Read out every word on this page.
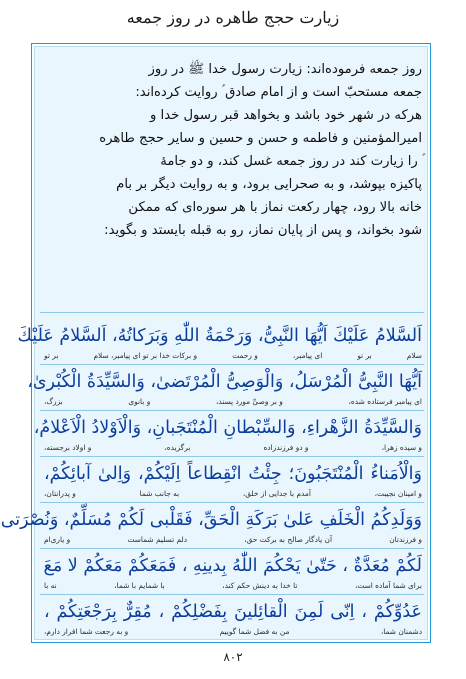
زیارت حجج طاهره در روز جمعه

روز جمعه فرموده‌اند: زیارت رسول خدا ﷺ در روز

جمعه مستحبّ است و از امام صادق ؑ روایت کرده‌اند:

هرکه در شهر خود باشد و بخواهد قبر رسول خدا و

امیرالمؤمنین و فاطمه و حسن و حسین و سایر حجج طاهره

ؑ را زیارت کند در روز جمعه غسل کند، و دو جامهٔ

پاکیزه بپوشد، و به صحرایی برود، و به روایت دیگر بر بام

خانه بالا رود، چهار رکعت نماز با هر سوره‌ای که ممکن

شود بخواند، و پس از پایان نماز، رو به قبله بایستد و بگوید:

اَلسَّلامُ عَلَیْكَ اَیُّهَا النَّبِیُّ، وَرَحْمَةُ اللّٰهِ وَبَرَكاتُهُ، اَلسَّلامُ عَلَیْكَ
سلام
بر تو
ای پیامبر،
و رحمت
و برکات خدا بر تو ای پیامبر، سلام
بر تو
اَیُّهَا النَّبِیُّ الْمُرْسَلُ، وَالْوَصِیُّ الْمُرْتَضیٰ، وَالسَّیِّدَةُ الْكُبْریٰ،
ای پیامبر فرستاده شده،
و بر وصیِّ مورد پسند،
و بانوی
بزرگ،
وَالسَّیِّدَةُ الزَّهْراءِ، وَالسِّبْطانِ الْمُنْتَجَبانِ، وَالْاَوْلادُ الْاَعْلامُ،
و سیده زهرا،
و دو فرزندزاده
برگزیده،
و اولاد برجسته،
وَالْاُمَناءُ الْمُنْتَجَبُونَ؛ جِئْتُ انْقِطاعاً اِلَیْكُمْ، وَاِلیٰ آبائِكُمْ،
و امینان نجیبت،
آمدم با جدایی از خلق،
به جانب شما
و پدرانتان،
وَوَلَدِكُمُ الْخَلَفِ عَلیٰ بَرَكَةِ الْحَقِّ، فَقَلْبی لَكُمْ مُسَلِّمٌ، وَنُصْرَتی
و فرزندتان
آن یادگار صالح به برکت حق،
دلم تسلیم شماست
و یاری‌ام
لَكُمْ مُعَدَّةٌ ، حَتّیٰ یَحْكُمَ اللّٰهُ بِدینِهِ ، فَمَعَكُمْ مَعَكُمْ لا مَعَ
برای شما آماده است،
تا خدا به دینش حکم کند،
با شمایم با شما،
نه با
عَدُوِّكُمْ ، اِنّی لَمِنَ الْقائِلینَ بِفَضْلِكُمْ ، مُقِرٌّ بِرَجْعَتِكُمْ ،
دشمنان شما،
من به فضل شما گوییم
و به رجعت شما اقرار دارم،
۸۰۲
